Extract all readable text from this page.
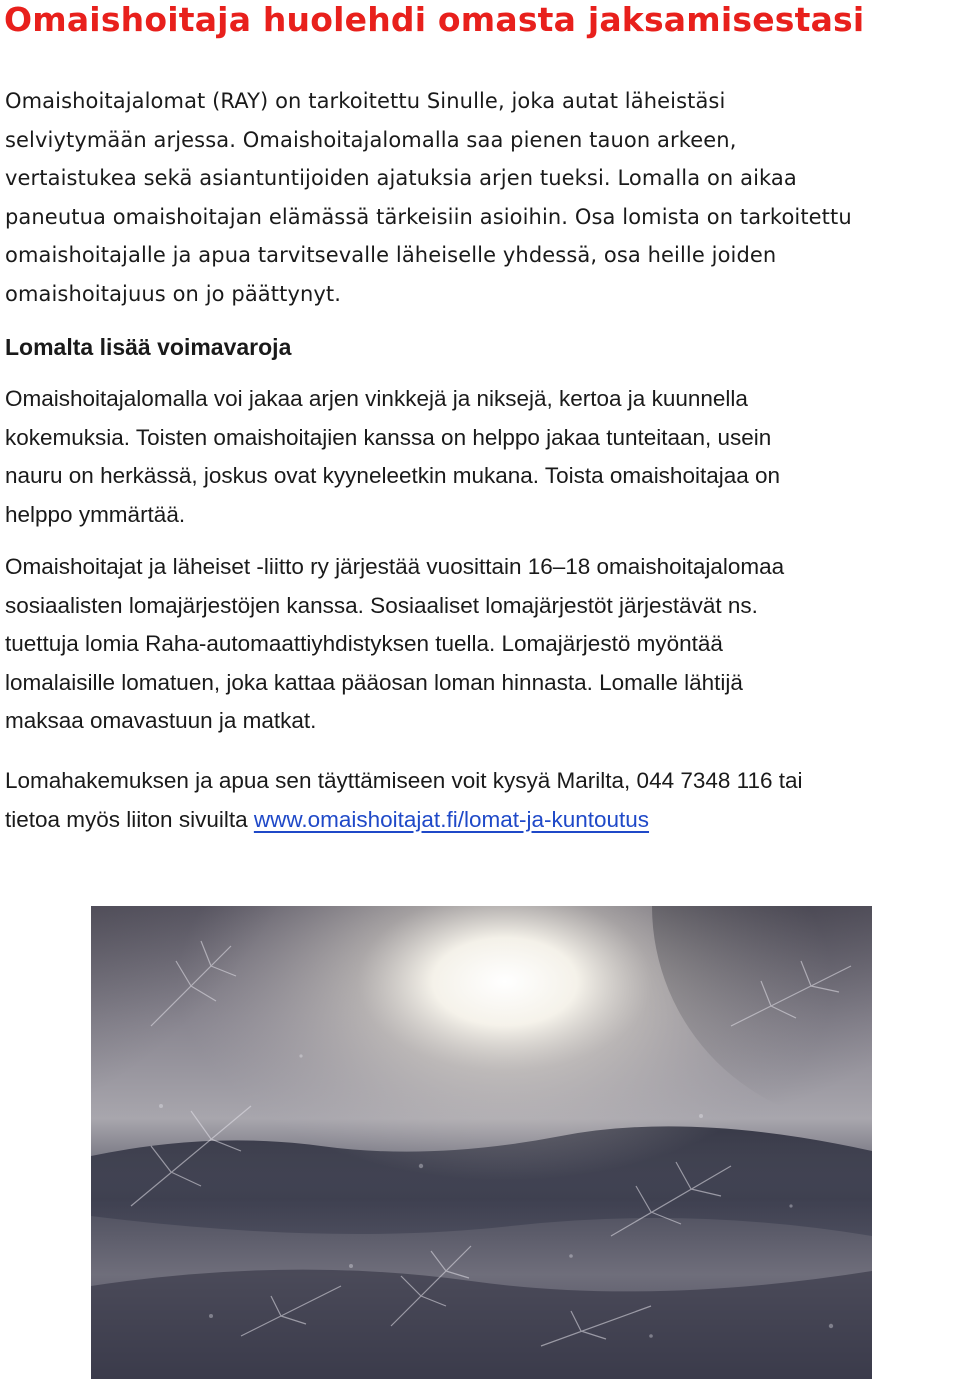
Omaishoitaja huolehdi omasta jaksamisestasi

Omaishoitajalomat (RAY) on tarkoitettu Sinulle, joka autat läheistäsi
selviytymään arjessa. Omaishoitajalomalla saa pienen tauon arkeen,
vertaistukea sekä asiantuntijoiden ajatuksia arjen tueksi. Lomalla on aikaa
paneutua omaishoitajan elämässä tärkeisiin asioihin. Osa lomista on tarkoitettu
omaishoitajalle ja apua tarvitsevalle läheiselle yhdessä, osa heille joiden
omaishoitajuus on jo päättynyt.

Lomalta lisää voimavaroja

Omaishoitajalomalla voi jakaa arjen vinkkejä ja niksejä, kertoa ja kuunnella
kokemuksia. Toisten omaishoitajien kanssa on helppo jakaa tunteitaan, usein
nauru on herkässä, joskus ovat kyyneleetkin mukana. Toista omaishoitajaa on
helppo ymmärtää.

Omaishoitajat ja läheiset -liitto ry järjestää vuosittain 16–18 omaishoitajalomaa
sosiaalisten lomajärjestöjen kanssa. Sosiaaliset lomajärjestöt järjestävät ns.
tuettuja lomia Raha-automaattiyhdistyksen tuella. Lomajärjestö myöntää
lomalaisille lomatuen, joka kattaa pääosan loman hinnasta. Lomalle lähtijä
maksaa omavastuun ja matkat.

Lomahakemuksen ja apua sen täyttämiseen voit kysyä Marilta, 044 7348 116 tai
tietoa myös liiton sivuilta www.omaishoitajat.fi/lomat-ja-kuntoutus
